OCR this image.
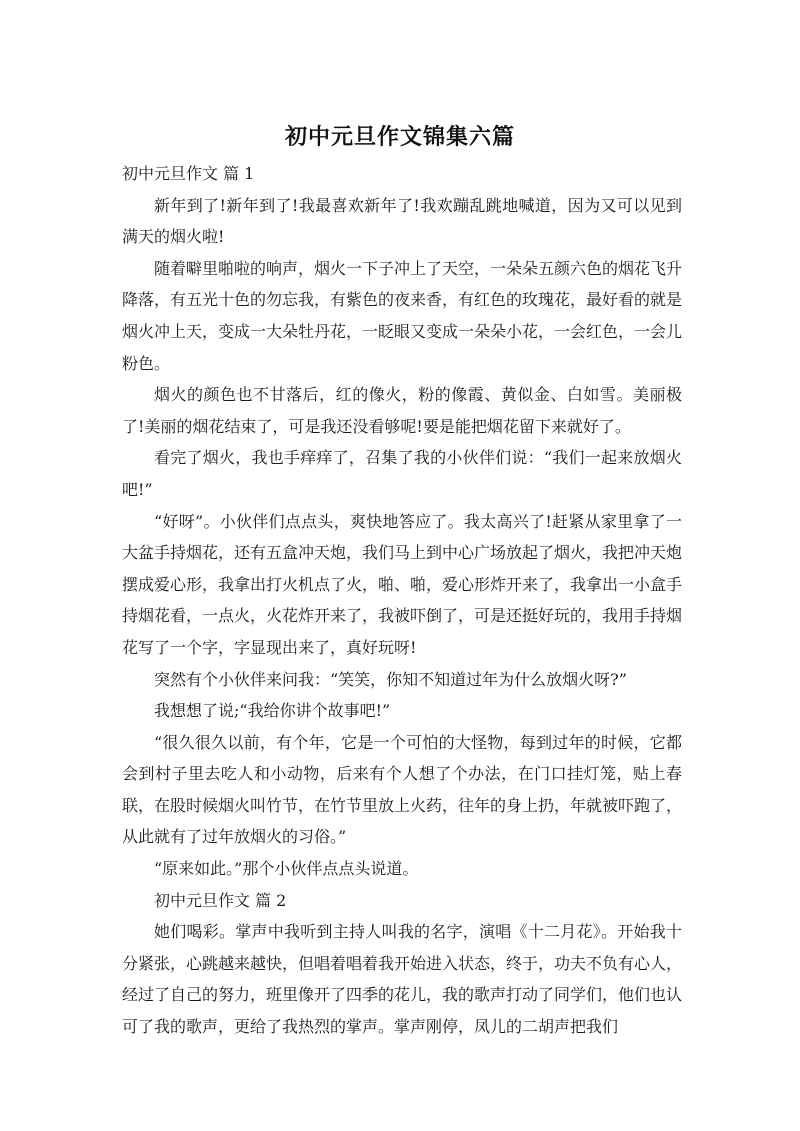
初中元旦作文锦集六篇

初中元旦作文 篇 1

新年到了!新年到了!我最喜欢新年了!我欢蹦乱跳地喊道，因为又可以见到满天的烟火啦!

随着噼里啪啦的响声，烟火一下子冲上了天空，一朵朵五颜六色的烟花飞升降落，有五光十色的勿忘我，有紫色的夜来香，有红色的玫瑰花，最好看的就是烟火冲上天，变成一大朵牡丹花，一眨眼又变成一朵朵小花，一会红色，一会儿粉色。

烟火的颜色也不甘落后，红的像火，粉的像霞、黄似金、白如雪。美丽极了!美丽的烟花结束了，可是我还没看够呢!要是能把烟花留下来就好了。

看完了烟火，我也手痒痒了，召集了我的小伙伴们说：“我们一起来放烟火吧!”

“好呀”。小伙伴们点点头，爽快地答应了。我太高兴了!赶紧从家里拿了一大盆手持烟花，还有五盒冲天炮，我们马上到中心广场放起了烟火，我把冲天炮摆成爱心形，我拿出打火机点了火，啪、啪，爱心形炸开来了，我拿出一小盒手持烟花看，一点火，火花炸开来了，我被吓倒了，可是还挺好玩的，我用手持烟花写了一个字，字显现出来了，真好玩呀!

突然有个小伙伴来问我：“笑笑，你知不知道过年为什么放烟火呀?”

我想想了说;“我给你讲个故事吧!”

“很久很久以前，有个年，它是一个可怕的大怪物，每到过年的时候，它都会到村子里去吃人和小动物，后来有个人想了个办法，在门口挂灯笼，贴上春联，在股时候烟火叫竹节，在竹节里放上火药，往年的身上扔，年就被吓跑了，从此就有了过年放烟火的习俗。”

“原来如此。”那个小伙伴点点头说道。

初中元旦作文 篇 2

她们喝彩。掌声中我听到主持人叫我的名字，演唱《十二月花》。开始我十分紧张，心跳越来越快，但唱着唱着我开始进入状态，终于，功夫不负有心人，经过了自己的努力，班里像开了四季的花儿，我的歌声打动了同学们，他们也认可了我的歌声，更给了我热烈的掌声。掌声刚停，凤儿的二胡声把我们
